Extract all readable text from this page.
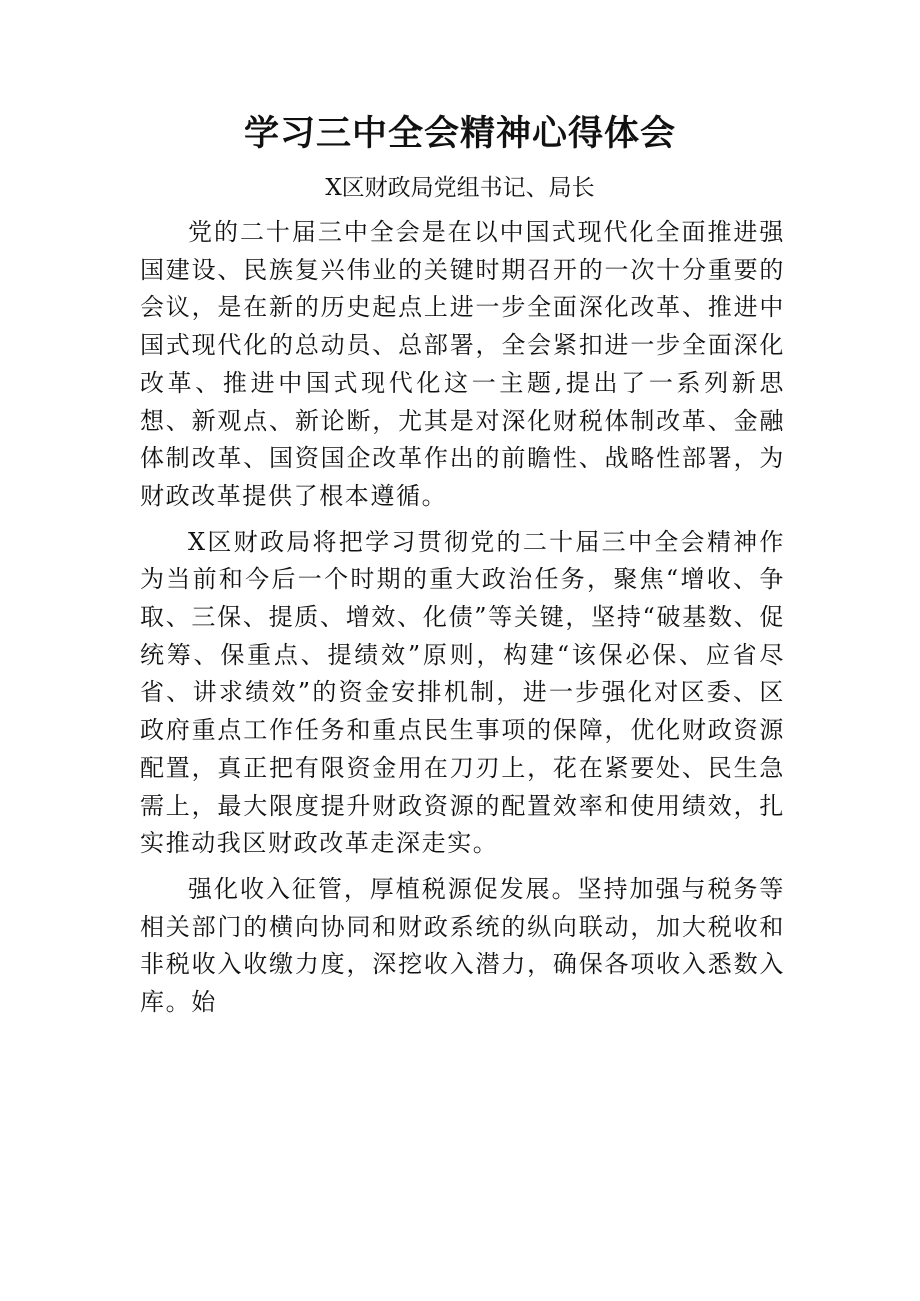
学习三中全会精神心得体会

X区财政局党组书记、局长

党的二十届三中全会是在以中国式现代化全面推进强国建设、民族复兴伟业的关键时期召开的一次十分重要的会议，是在新的历史起点上进一步全面深化改革、推进中国式现代化的总动员、总部署，全会紧扣进一步全面深化改革、推进中国式现代化这一主题,提出了一系列新思想、新观点、新论断，尤其是对深化财税体制改革、金融体制改革、国资国企改革作出的前瞻性、战略性部署，为财政改革提供了根本遵循。

X区财政局将把学习贯彻党的二十届三中全会精神作为当前和今后一个时期的重大政治任务，聚焦“增收、争取、三保、提质、增效、化债”等关键，坚持“破基数、促统筹、保重点、提绩效”原则，构建“该保必保、应省尽省、讲求绩效”的资金安排机制，进一步强化对区委、区政府重点工作任务和重点民生事项的保障，优化财政资源配置，真正把有限资金用在刀刃上，花在紧要处、民生急需上，最大限度提升财政资源的配置效率和使用绩效，扎实推动我区财政改革走深走实。

强化收入征管，厚植税源促发展。坚持加强与税务等相关部门的横向协同和财政系统的纵向联动，加大税收和非税收入收缴力度，深挖收入潜力，确保各项收入悉数入库。始
